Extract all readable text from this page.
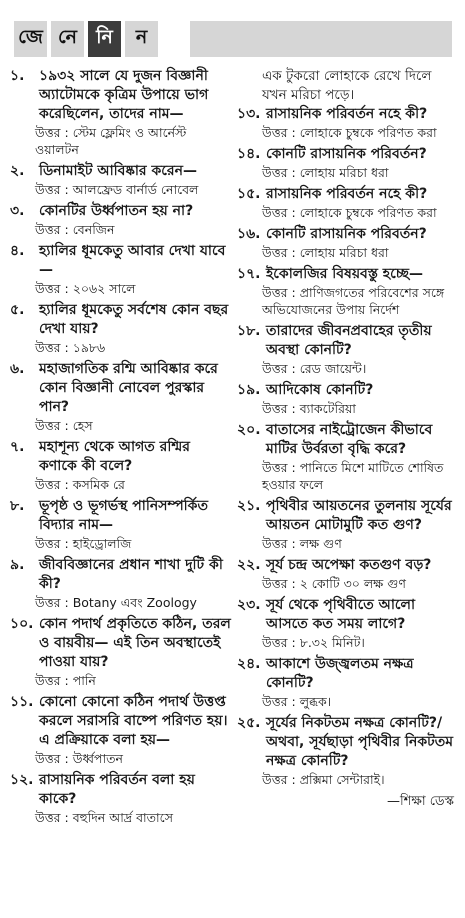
জে নে	নি	ন
১.	১৯৩২ সালে যে দুজন বিজ্ঞানী অ্যাটোমকে কৃত্রিম উপায়ে ভাগ করেছিলেন, তাদের নাম—
উত্তর : স্টেম ফ্লেমিং ও আর্নেস্ট ওয়ালটন
২.	ডিনামাইট আবিষ্কার করেন—
উত্তর : আলফ্রেড বার্নার্ড নোবেল
৩.	কোনটির উর্ধ্বপাতন হয় না?
উত্তর : বেনজিন
৪.	হ্যালির ধূমকেতু আবার দেখা যাবে—
উত্তর : ২০৬২ সালে
৫.	হ্যালির ধূমকেতু সর্বশেষ কোন বছর দেখা যায়?
উত্তর : ১৯৮৬
৬.	মহাজাগতিক রশ্মি আবিষ্কার করে কোন বিজ্ঞানী নোবেল পুরস্কার পান?
উত্তর : হেস
৭.	মহাশূন্য থেকে আগত রশ্মির কণাকে কী বলে?
উত্তর : কসমিক রে
৮.	ভূপৃষ্ঠ ও ভূগর্ভস্থ পানিসম্পর্কিত বিদ্যার নাম—
উত্তর : হাইড্রোলজি
৯.	জীববিজ্ঞানের প্রধান শাখা দুটি কী কী?
উত্তর : Botany এবং Zoology
১০. কোন পদার্থ প্রকৃতিতে কঠিন, তরল ও বায়বীয়— এই তিন অবস্থাতেই পাওয়া যায়?
উত্তর : পানি
১১. কোনো কোনো কঠিন পদার্থ উত্তপ্ত করলে সরাসরি বাষ্পে পরিণত হয়। এ প্রক্রিয়াকে বলা হয়—
উত্তর : উর্ধ্বপাতন
১২. রাসায়নিক পরিবর্তন বলা হয় কাকে?
উত্তর : বহুদিন আর্দ্র বাতাসে
এক টুকরো লোহাকে রেখে দিলে যখন মরিচা পড়ে।
১৩. রাসায়নিক পরিবর্তন নহে কী?
উত্তর : লোহাকে চুম্বকে পরিণত করা
১৪. কোনটি রাসায়নিক পরিবর্তন?
উত্তর : লোহায় মরিচা ধরা
১৫. রাসায়নিক পরিবর্তন নহে কী?
উত্তর : লোহাকে চুম্বকে পরিণত করা
১৬. কোনটি রাসায়নিক পরিবর্তন?
উত্তর : লোহায় মরিচা ধরা
১৭. ইকোলজির বিষয়বস্তু হচ্ছে—
উত্তর : প্রাণিজগতের পরিবেশের সঙ্গে অভিযোজনের উপায় নির্দেশ
১৮. তারাদের জীবনপ্রবাহের তৃতীয় অবস্থা কোনটি?
উত্তর : রেড জায়েন্ট।
১৯. আদিকোষ কোনটি?
উত্তর : ব্যাকটেরিয়া
২০. বাতাসের নাইট্রোজেন কীভাবে মাটির উর্বরতা বৃদ্ধি করে?
উত্তর : পানিতে মিশে মাটিতে শোষিত হওয়ার ফলে
২১. পৃথিবীর আয়তনের তুলনায় সূর্যের আয়তন মোটামুটি কত গুণ?
উত্তর : লক্ষ গুণ
২২. সূর্য চন্দ্র অপেক্ষা কতগুণ বড়?
উত্তর : ২ কোটি ৩০ লক্ষ গুণ
২৩. সূর্য থেকে পৃথিবীতে আলো আসতে কত সময় লাগে?
উত্তর : ৮.৩২ মিনিট।
২৪. আকাশে উজ্জ্বলতম নক্ষত্র কোনটি?
উত্তর : লুব্ধক।
২৫. সূর্যের নিকটতম নক্ষত্র কোনটি?/অথবা, সূর্যছাড়া পৃথিবীর নিকটতম নক্ষত্র কোনটি?
উত্তর : প্রক্সিমা সেন্টারাই।
—শিক্ষা ডেস্ক
